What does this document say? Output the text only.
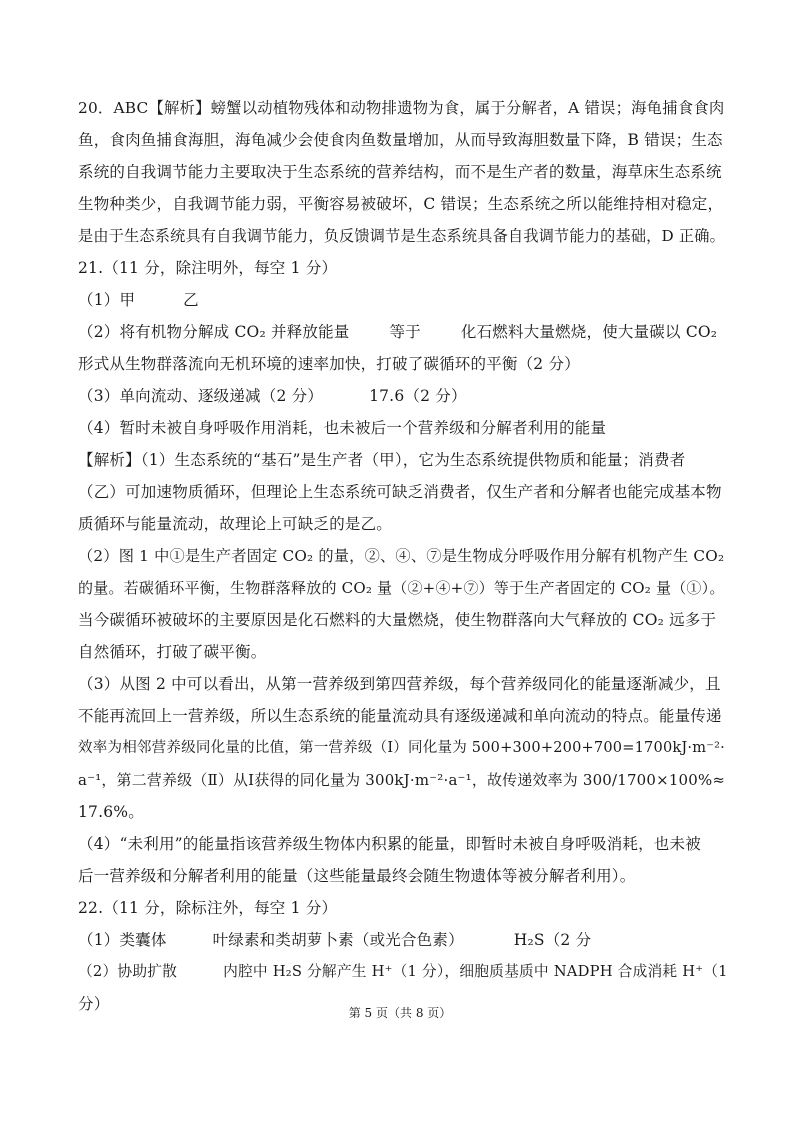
20．ABC【解析】螃蟹以动植物残体和动物排遗物为食，属于分解者，A 错误；海龟捕食食肉
鱼，食肉鱼捕食海胆，海龟减少会使食肉鱼数量增加，从而导致海胆数量下降，B 错误；生态
系统的自我调节能力主要取决于生态系统的营养结构，而不是生产者的数量，海草床生态系统
生物种类少，自我调节能力弱，平衡容易被破坏，C 错误；生态系统之所以能维持相对稳定，
是由于生态系统具有自我调节能力，负反馈调节是生态系统具备自我调节能力的基础，D 正确。
21.（11 分，除注明外，每空 1 分）
（1）甲	乙
（2）将有机物分解成 CO₂ 并释放能量	等于	化石燃料大量燃烧，使大量碳以 CO₂
形式从生物群落流向无机环境的速率加快，打破了碳循环的平衡（2 分）
（3）单向流动、逐级递减（2 分）	17.6（2 分）
（4）暂时未被自身呼吸作用消耗，也未被后一个营养级和分解者利用的能量
【解析】（1）生态系统的“基石”是生产者（甲），它为生态系统提供物质和能量；消费者
（乙）可加速物质循环，但理论上生态系统可缺乏消费者，仅生产者和分解者也能完成基本物
质循环与能量流动，故理论上可缺乏的是乙。
（2）图 1 中①是生产者固定 CO₂ 的量，②、④、⑦是生物成分呼吸作用分解有机物产生 CO₂
的量。若碳循环平衡，生物群落释放的 CO₂ 量（②+④+⑦）等于生产者固定的 CO₂ 量（①）。
当今碳循环被破坏的主要原因是化石燃料的大量燃烧，使生物群落向大气释放的 CO₂ 远多于
自然循环，打破了碳平衡。
（3）从图 2 中可以看出，从第一营养级到第四营养级，每个营养级同化的能量逐渐减少，且
不能再流回上一营养级，所以生态系统的能量流动具有逐级递减和单向流动的特点。能量传递
效率为相邻营养级同化量的比值，第一营养级（Ⅰ）同化量为 500+300+200+700=1700kJ·m⁻²·
a⁻¹，第二营养级（Ⅱ）从Ⅰ获得的同化量为 300kJ·m⁻²·a⁻¹，故传递效率为 300/1700×100%≈
17.6%。
（4）“未利用”的能量指该营养级生物体内积累的能量，即暂时未被自身呼吸消耗，也未被
后一营养级和分解者利用的能量（这些能量最终会随生物遗体等被分解者利用）。
22.（11 分，除标注外，每空 1 分）
（1）类囊体	叶绿素和类胡萝卜素（或光合色素）	H₂S（2 分
（2）协助扩散	内腔中 H₂S 分解产生 H⁺（1 分），细胞质基质中 NADPH 合成消耗 H⁺（1
分）	第 5 页（共 8 页）
